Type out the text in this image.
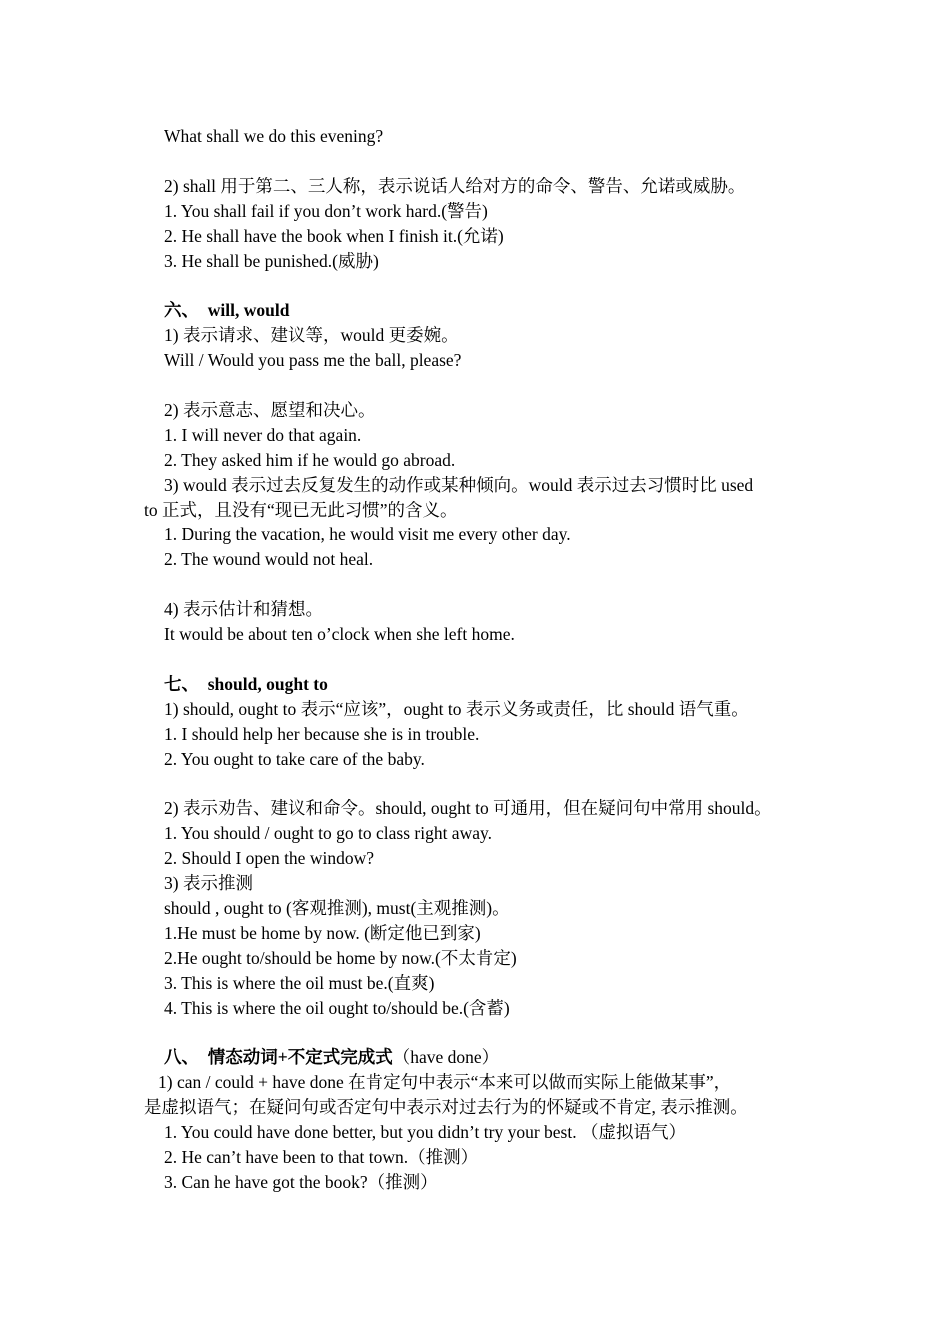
What shall we do this evening?

2) shall 用于第二、三人称，表示说话人给对方的命令、警告、允诺或威胁。

1. You shall fail if you don’t work hard.(警告)

2. He shall have the book when I finish it.(允诺)

3. He shall be punished.(威胁)

六、 will, would

1) 表示请求、建议等，would 更委婉。

Will / Would you pass me the ball, please?

2) 表示意志、愿望和决心。

1. I will never do that again.

2. They asked him if he would go abroad.

3) would 表示过去反复发生的动作或某种倾向。would 表示过去习惯时比 used

to 正式，且没有“现已无此习惯”的含义。

1. During the vacation, he would visit me every other day.

2. The wound would not heal.

4) 表示估计和猜想。

It would be about ten o’clock when she left home.

七、 should, ought to

1) should, ought to 表示“应该”，ought to 表示义务或责任，比 should 语气重。

1. I should help her because she is in trouble.

2. You ought to take care of the baby.

2) 表示劝告、建议和命令。should, ought to 可通用，但在疑问句中常用 should。

1. You should / ought to go to class right away.

2. Should I open the window?

3) 表示推测

should , ought to (客观推测), must(主观推测)。

1.He must be home by now. (断定他已到家)

2.He ought to/should be home by now.(不太肯定)

3. This is where the oil must be.(直爽)

4. This is where the oil ought to/should be.(含蓄)

八、 情态动词+不定式完成式（have done）

1) can / could + have done 在肯定句中表示“本来可以做而实际上能做某事”，

是虚拟语气；在疑问句或否定句中表示对过去行为的怀疑或不肯定, 表示推测。

1. You could have done better, but you didn’t try your best. （虚拟语气）

2. He can’t have been to that town.（推测）

3. Can he have got the book?（推测）
